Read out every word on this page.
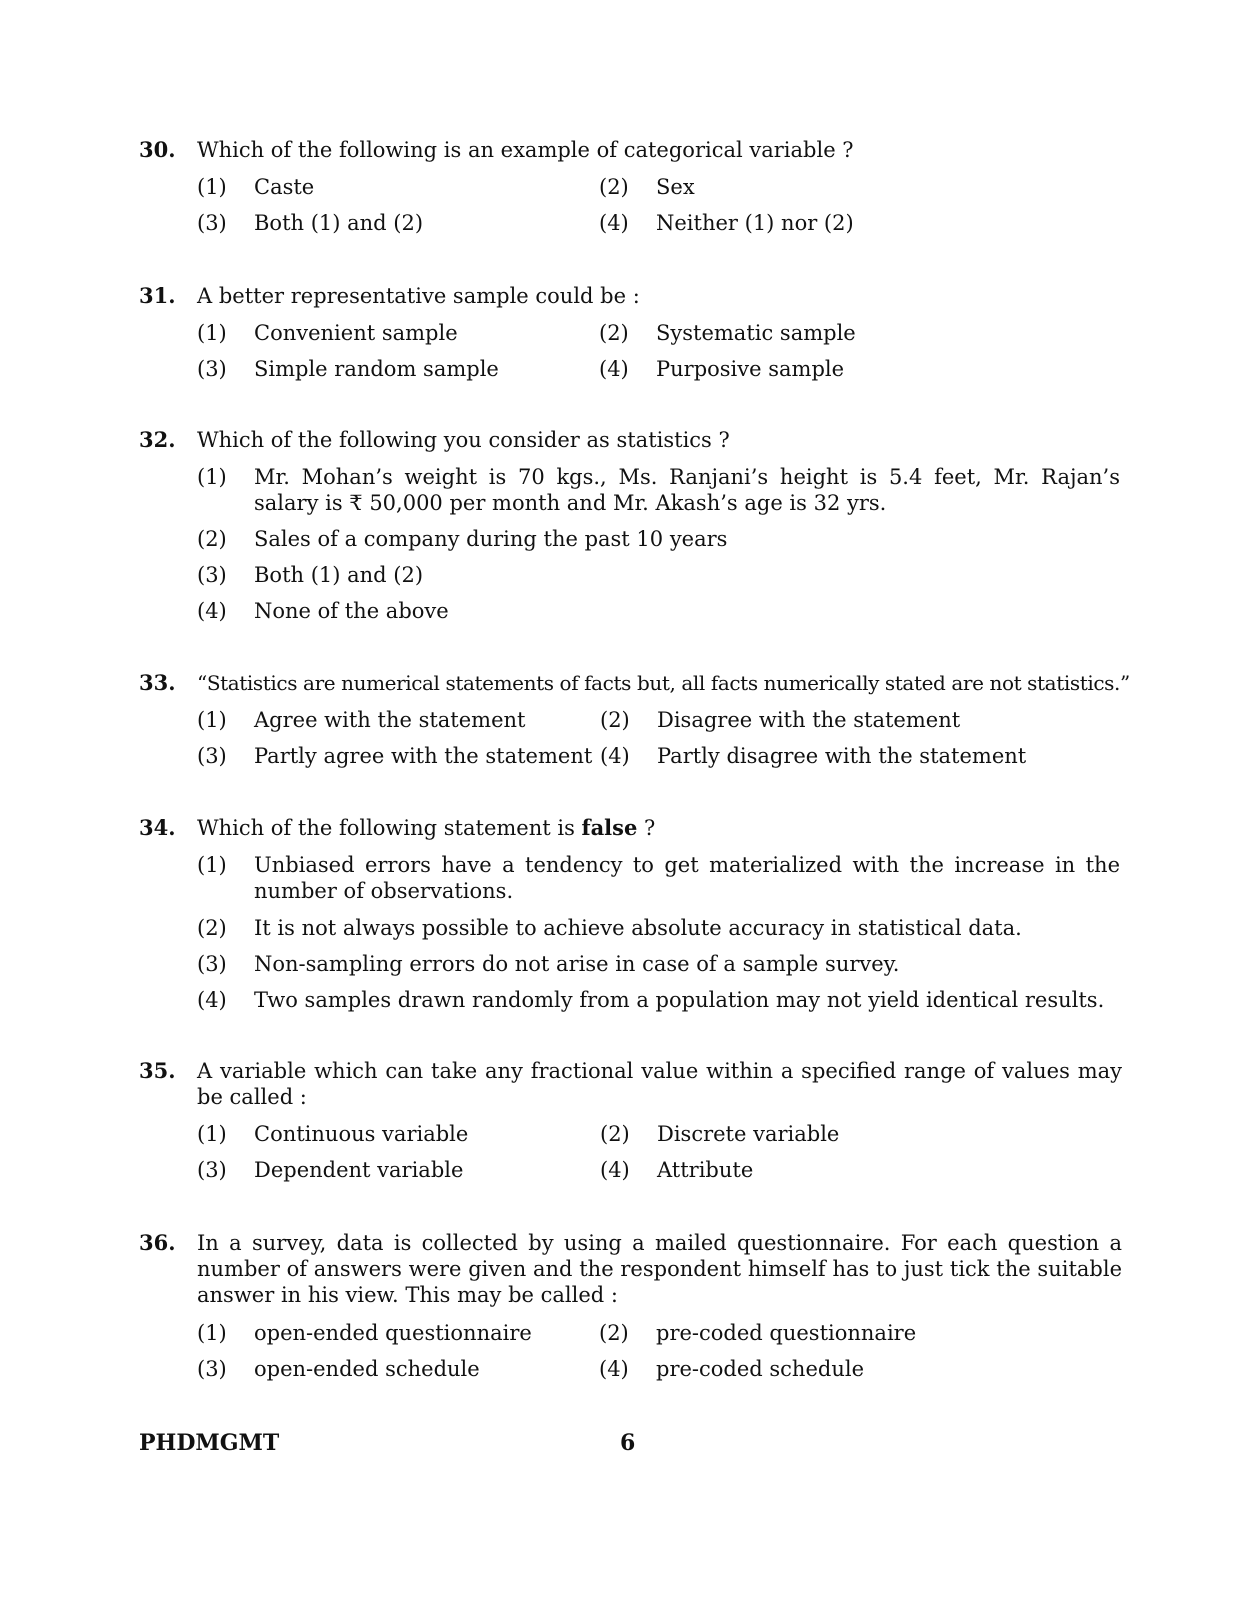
30. Which of the following is an example of categorical variable ?
(1)	Caste	(2)	Sex
(3)	Both (1) and (2)	(4)	Neither (1) nor (2)
31. A better representative sample could be :
(1)	Convenient sample	(2)	Systematic sample
(3)	Simple random sample	(4)	Purposive sample
32. Which of the following you consider as statistics ?
(1)	Mr. Mohan’s weight is 70 kgs., Ms. Ranjani’s height is 5.4 feet, Mr. Rajan’s salary is ₹ 50,000 per month and Mr. Akash’s age is 32 yrs.
(2)	Sales of a company during the past 10 years
(3)	Both (1) and (2)
(4)	None of the above
33. “Statistics are numerical statements of facts but, all facts numerically stated are not statistics.”
(1)	Agree with the statement	(2)	Disagree with the statement
(3)	Partly agree with the statement (4)	Partly disagree with the statement
34. Which of the following statement is false ?
(1)	Unbiased errors have a tendency to get materialized with the increase in the number of observations.
(2)	It is not always possible to achieve absolute accuracy in statistical data.
(3)	Non-sampling errors do not arise in case of a sample survey.
(4)	Two samples drawn randomly from a population may not yield identical results.
35. A variable which can take any fractional value within a specified range of values may be called :
(1)	Continuous variable	(2)	Discrete variable
(3)	Dependent variable	(4)	Attribute
36. In a survey, data is collected by using a mailed questionnaire. For each question a number of answers were given and the respondent himself has to just tick the suitable answer in his view. This may be called :
(1)	open-ended questionnaire	(2)	pre-coded questionnaire
(3)	open-ended schedule	(4)	pre-coded schedule
PHDMGMT	6
